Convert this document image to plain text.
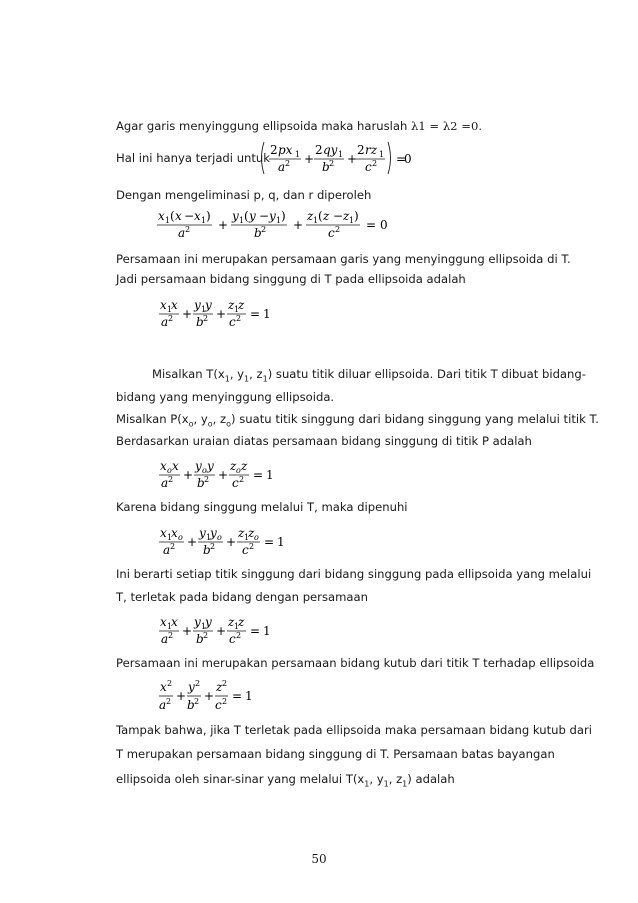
Agar garis menyinggung ellipsoida maka haruslah λ1 = λ2 =0.
Hal ini hanya terjadi untuk
2 px 1
a 2 +
2 qy 1
b 2 +
2 rz 1
c 2 =
0
Dengan mengeliminasi p, q, dan r diperoleh
x 1 ( x − x 1 )
a 2 +
y 1 ( y − y 1 )
b 2 +
z 1 ( z − z 1 )
c 2 = 0
Persamaan ini merupakan persamaan garis yang menyinggung ellipsoida di T.
Jadi persamaan bidang singgung di T pada ellipsoida adalah
x 1
x
a 2 +
y 1
y
b 2 +
z 1
z
c 2 = 1
Misalkan $T(x_1$, $y_1$, $z_1$) suatu titik diluar ellipsoida. Dari titik T dibuat bidang-
bidang yang menyinggung ellipsoida.
Misalkan $P(x_o$, $y_o$, $z_o$) suatu titik singgung dari bidang singgung yang melalui titik T.
Berdasarkan uraian diatas persamaan bidang singgung di titik P adalah
x o x
a 2 +
y o y
b 2 +
z o z
c 2 = 1
Karena bidang singgung melalui T, maka dipenuhi
x 1
x o
a 2 +
y 1
y o
b 2 +
z 1
z o
c 2 = 1
Ini berarti setiap titik singgung dari bidang singgung pada ellipsoida yang melalui
T, terletak pada bidang dengan persamaan
x 1
x
a 2 +
y 1
y
b 2 +
z 1
z
c 2 = 1
Persamaan ini merupakan persamaan bidang kutub dari titik T terhadap ellipsoida
x 2
a 2 +
y 2
b 2 +
z 2
c 2 = 1
Tampak bahwa, jika T terletak pada ellipsoida maka persamaan bidang kutub dari
T merupakan persamaan bidang singgung di T. Persamaan batas bayangan
ellipsoida oleh sinar-sinar yang melalui $T(x_1$, $y_1$, $z_1$) adalah
50
